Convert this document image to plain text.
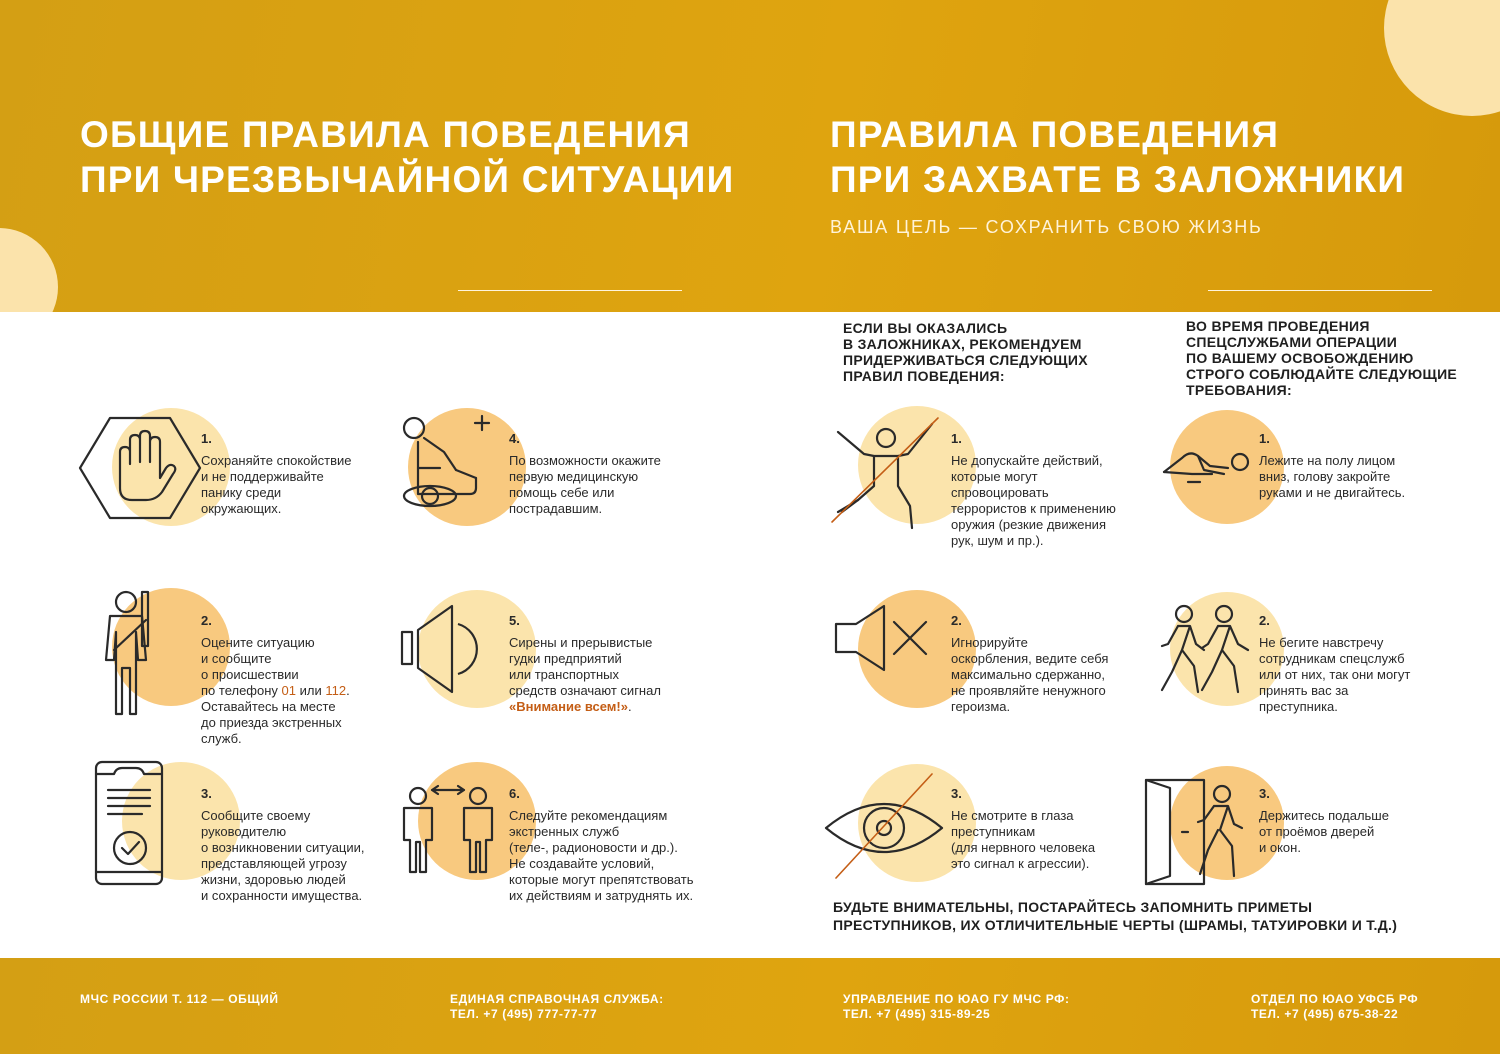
ОБЩИЕ ПРАВИЛА ПОВЕДЕНИЯ
ПРИ ЧРЕЗВЫЧАЙНОЙ СИТУАЦИИ
ПРАВИЛА ПОВЕДЕНИЯ
ПРИ ЗАХВАТЕ В ЗАЛОЖНИКИ
ВАША ЦЕЛЬ — СОХРАНИТЬ СВОЮ ЖИЗНЬ
1.
Сохраняйте спокойствие
и не поддерживайте
панику среди
окружающих.
4.
По возможности окажите
первую медицинскую
помощь себе или
пострадавшим.
2.
Оцените ситуацию
и сообщите
о происшествии
по телефону 01 или 112.
Оставайтесь на месте
до приезда экстренных
служб.
5.
Сирены и прерывистые
гудки предприятий
или транспортных
средств означают сигнал
«Внимание всем!».
3.
Сообщите своему
руководителю
о возникновении ситуации,
представляющей угрозу
жизни, здоровью людей
и сохранности имущества.
6.
Следуйте рекомендациям
экстренных служб
(теле-, радионовости и др.).
Не создавайте условий,
которые могут препятствовать
их действиям и затруднять их.
ЕСЛИ ВЫ ОКАЗАЛИСЬ
В ЗАЛОЖНИКАХ, РЕКОМЕНДУЕМ
ПРИДЕРЖИВАТЬСЯ СЛЕДУЮЩИХ
ПРАВИЛ ПОВЕДЕНИЯ:
ВО ВРЕМЯ ПРОВЕДЕНИЯ
СПЕЦСЛУЖБАМИ ОПЕРАЦИИ
ПО ВАШЕМУ ОСВОБОЖДЕНИЮ
СТРОГО СОБЛЮДАЙТЕ СЛЕДУЮЩИЕ
ТРЕБОВАНИЯ:
1.
Не допускайте действий,
которые могут
спровоцировать
террористов к применению
оружия (резкие движения
рук, шум и пр.).
2.
Игнорируйте
оскорбления, ведите себя
максимально сдержанно,
не проявляйте ненужного
героизма.
3.
Не смотрите в глаза
преступникам
(для нервного человека
это сигнал к агрессии).
1.
Лежите на полу лицом
вниз, голову закройте
руками и не двигайтесь.
2.
Не бегите навстречу
сотрудникам спецслужб
или от них, так они могут
принять вас за
преступника.
3.
Держитесь подальше
от проёмов дверей
и окон.
БУДЬТЕ ВНИМАТЕЛЬНЫ, ПОСТАРАЙТЕСЬ ЗАПОМНИТЬ ПРИМЕТЫ
ПРЕСТУПНИКОВ, ИХ ОТЛИЧИТЕЛЬНЫЕ ЧЕРТЫ (ШРАМЫ, ТАТУИРОВКИ И Т.Д.)
МЧС РОССИИ Т. 112 — ОБЩИЙ	ЕДИНАЯ СПРАВОЧНАЯ СЛУЖБА:
ТЕЛ. +7 (495) 777-77-77
УПРАВЛЕНИЕ ПО ЮАО ГУ МЧС РФ:
ТЕЛ. +7 (495) 315-89-25
ОТДЕЛ ПО ЮАО УФСБ РФ
ТЕЛ. +7 (495) 675-38-22
